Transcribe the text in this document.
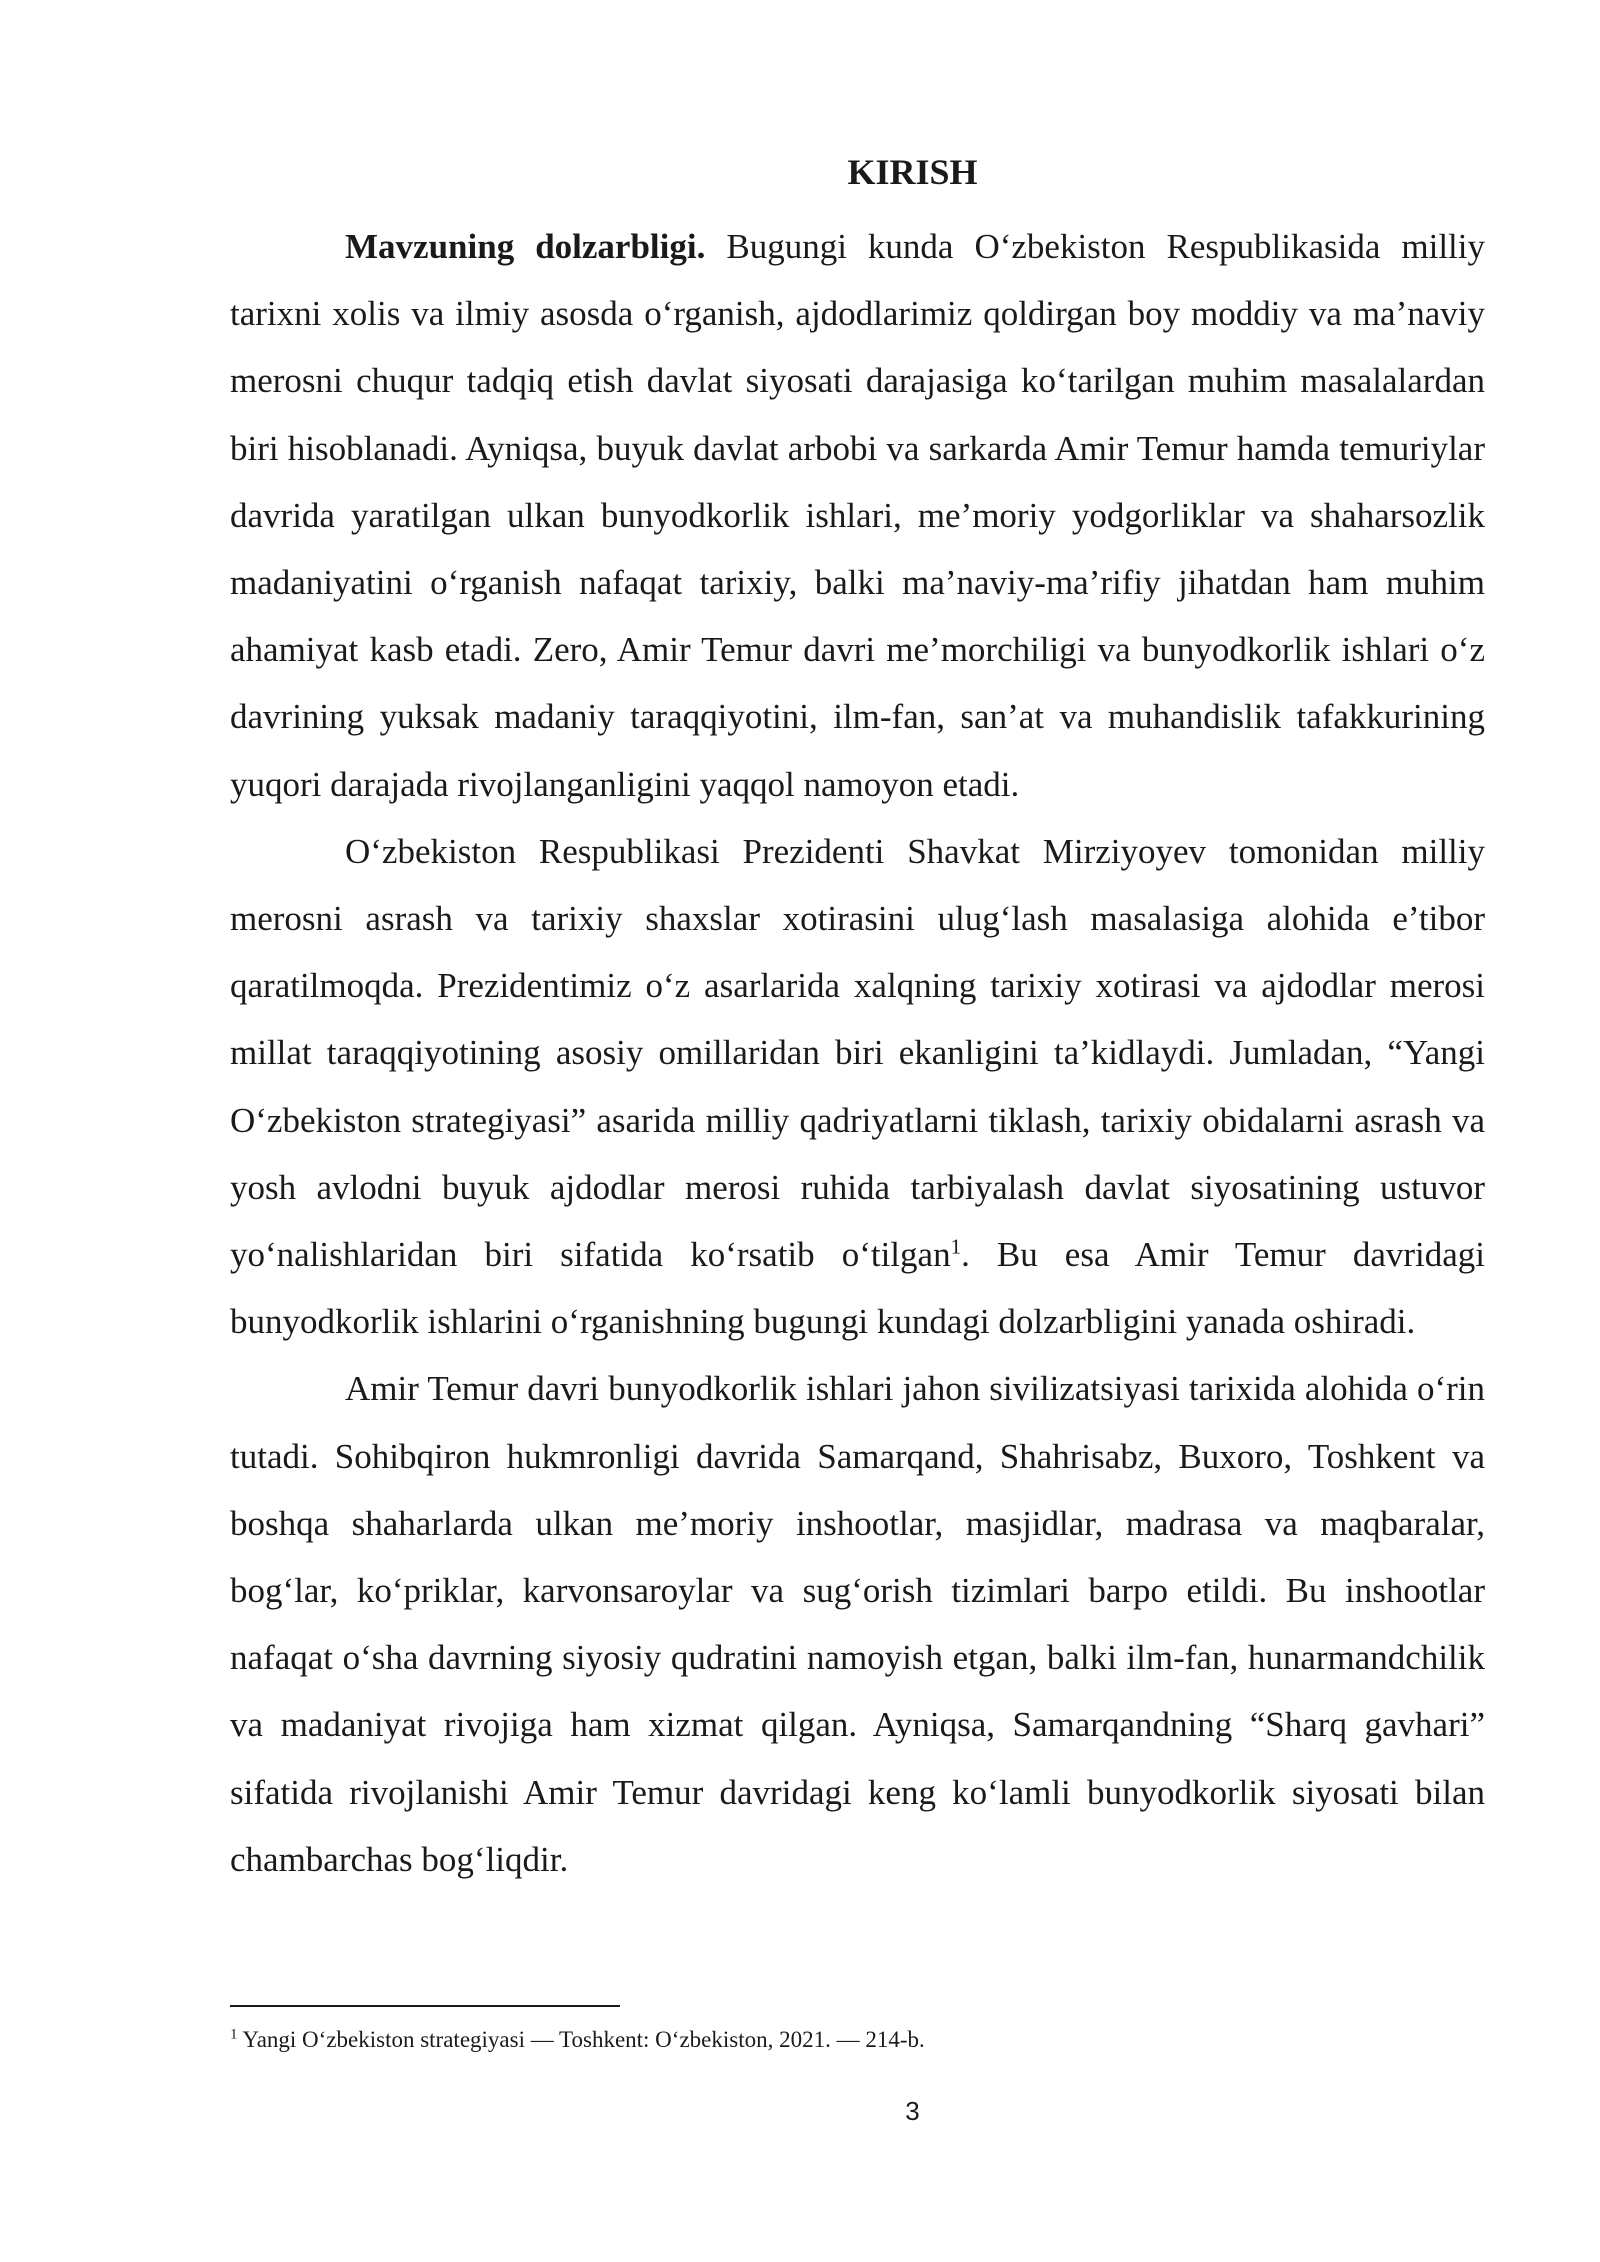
KIRISH

Mavzuning dolzarbligi. Bugungi kunda O‘zbekiston Respublikasida milliy tarixni xolis va ilmiy asosda o‘rganish, ajdodlarimiz qoldirgan boy moddiy va ma’naviy merosni chuqur tadqiq etish davlat siyosati darajasiga ko‘tarilgan muhim masalalardan biri hisoblanadi. Ayniqsa, buyuk davlat arbobi va sarkarda Amir Temur hamda temuriylar davrida yaratilgan ulkan bunyodkorlik ishlari, me’moriy yodgorliklar va shaharsozlik madaniyatini o‘rganish nafaqat tarixiy, balki ma’naviy-ma’rifiy jihatdan ham muhim ahamiyat kasb etadi. Zero, Amir Temur davri me’morchiligi va bunyodkorlik ishlari o‘z davrining yuksak madaniy taraqqiyotini, ilm-fan, san’at va muhandislik tafakkurining yuqori darajada rivojlanganligini yaqqol namoyon etadi.

O‘zbekiston Respublikasi Prezidenti Shavkat Mirziyoyev tomonidan milliy merosni asrash va tarixiy shaxslar xotirasini ulug‘lash masalasiga alohida e’tibor qaratilmoqda. Prezidentimiz o‘z asarlarida xalqning tarixiy xotirasi va ajdodlar merosi millat taraqqiyotining asosiy omillaridan biri ekanligini ta’kidlaydi. Jumladan, “Yangi O‘zbekiston strategiyasi” asarida milliy qadriyatlarni tiklash, tarixiy obidalarni asrash va yosh avlodni buyuk ajdodlar merosi ruhida tarbiyalash davlat siyosatining ustuvor yo‘nalishlaridan biri sifatida ko‘rsatib o‘tilgan$^1$. Bu esa Amir Temur davridagi bunyodkorlik ishlarini o‘rganishning bugungi kundagi dolzarbligini yanada oshiradi.

Amir Temur davri bunyodkorlik ishlari jahon sivilizatsiyasi tarixida alohida o‘rin tutadi. Sohibqiron hukmronligi davrida Samarqand, Shahrisabz, Buxoro, Toshkent va boshqa shaharlarda ulkan me’moriy inshootlar, masjidlar, madrasa va maqbaralar, bog‘lar, ko‘priklar, karvonsaroylar va sug‘orish tizimlari barpo etildi. Bu inshootlar nafaqat o‘sha davrning siyosiy qudratini namoyish etgan, balki ilm-fan, hunarmandchilik va madaniyat rivojiga ham xizmat qilgan. Ayniqsa, Samarqandning “Sharq gavhari” sifatida rivojlanishi Amir Temur davridagi keng ko‘lamli bunyodkorlik siyosati bilan chambarchas bog‘liqdir.

$^1$ Yangi O‘zbekiston strategiyasi — Toshkent: O‘zbekiston, 2021. — 214-b.

3
